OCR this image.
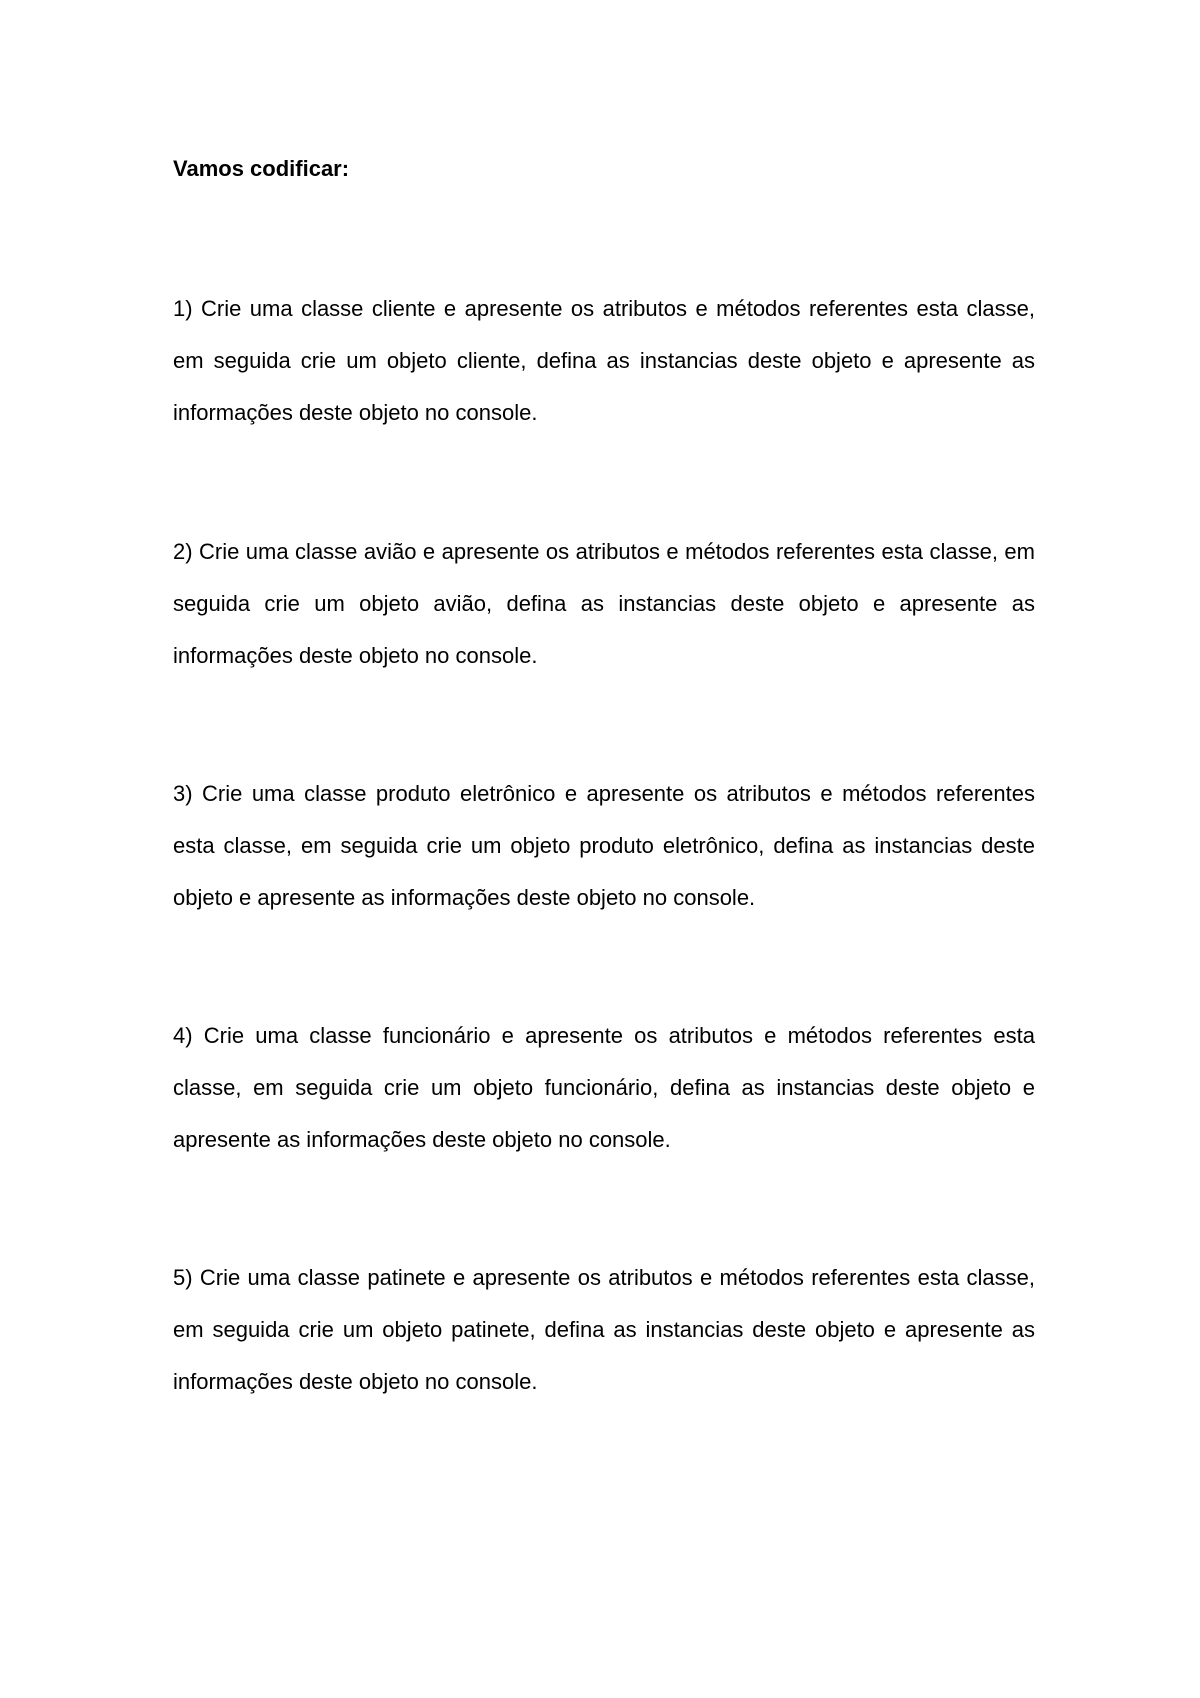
Vamos codificar:

1) Crie uma classe cliente e apresente os atributos e métodos referentes esta classe, em seguida crie um objeto cliente, defina as instancias deste objeto e apresente as informações deste objeto no console.

2) Crie uma classe avião e apresente os atributos e métodos referentes esta classe, em seguida crie um objeto avião, defina as instancias deste objeto e apresente as informações deste objeto no console.

3) Crie uma classe produto eletrônico e apresente os atributos e métodos referentes esta classe, em seguida crie um objeto produto eletrônico, defina as instancias deste objeto e apresente as informações deste objeto no console.

4) Crie uma classe funcionário e apresente os atributos e métodos referentes esta classe, em seguida crie um objeto funcionário, defina as instancias deste objeto e apresente as informações deste objeto no console.

5) Crie uma classe patinete e apresente os atributos e métodos referentes esta classe, em seguida crie um objeto patinete, defina as instancias deste objeto e apresente as informações deste objeto no console.
